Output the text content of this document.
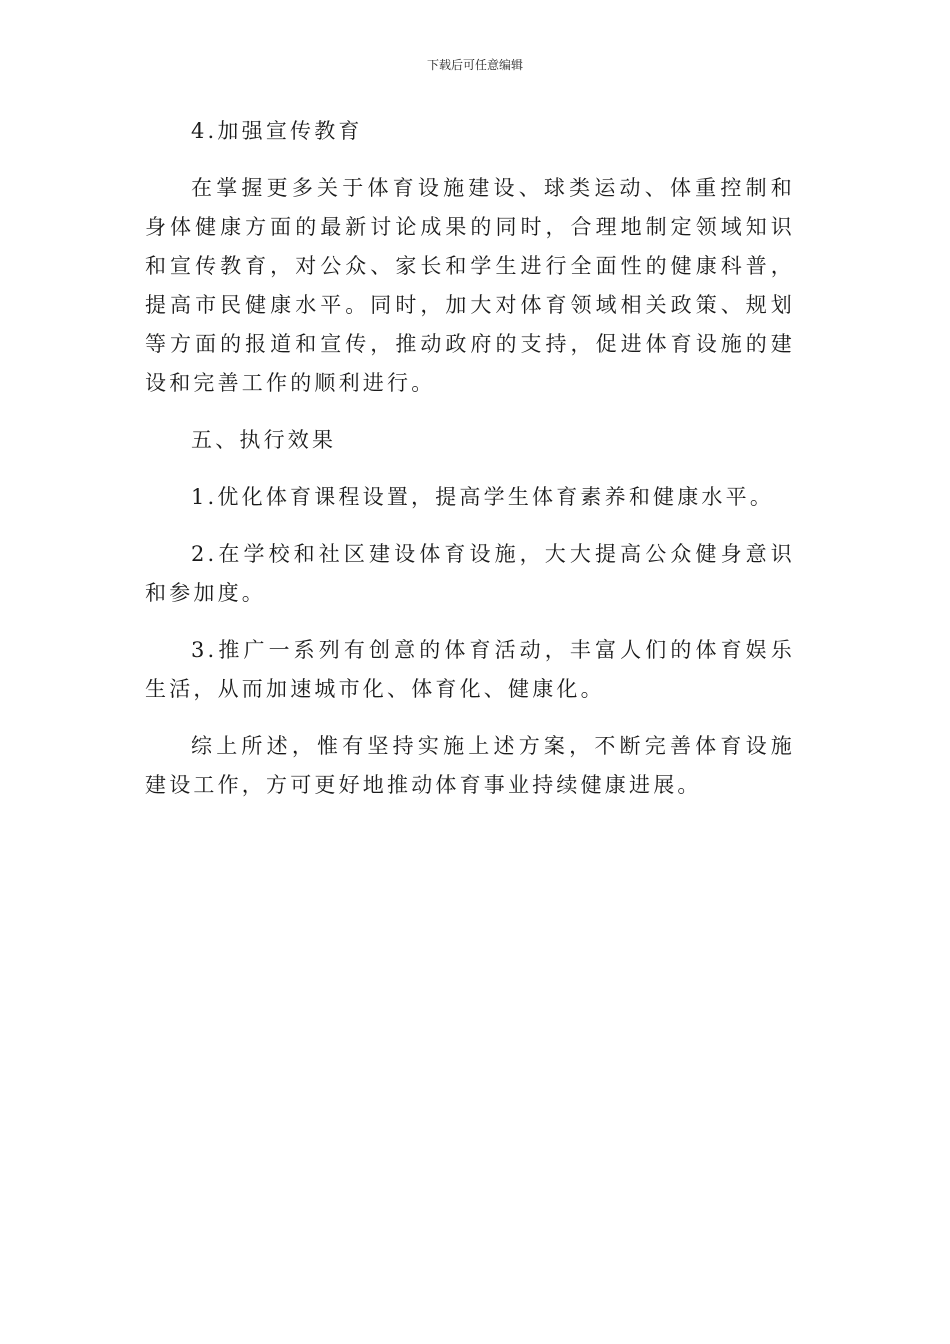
下载后可任意编辑

4.加强宣传教育

在掌握更多关于体育设施建设、球类运动、体重控制和身体健康方面的最新讨论成果的同时，合理地制定领域知识和宣传教育，对公众、家长和学生进行全面性的健康科普，提高市民健康水平。同时，加大对体育领域相关政策、规划等方面的报道和宣传，推动政府的支持，促进体育设施的建设和完善工作的顺利进行。

五、执行效果

1.优化体育课程设置，提高学生体育素养和健康水平。

2.在学校和社区建设体育设施，大大提高公众健身意识和参加度。

3.推广一系列有创意的体育活动，丰富人们的体育娱乐生活，从而加速城市化、体育化、健康化。

综上所述，惟有坚持实施上述方案，不断完善体育设施建设工作，方可更好地推动体育事业持续健康进展。
